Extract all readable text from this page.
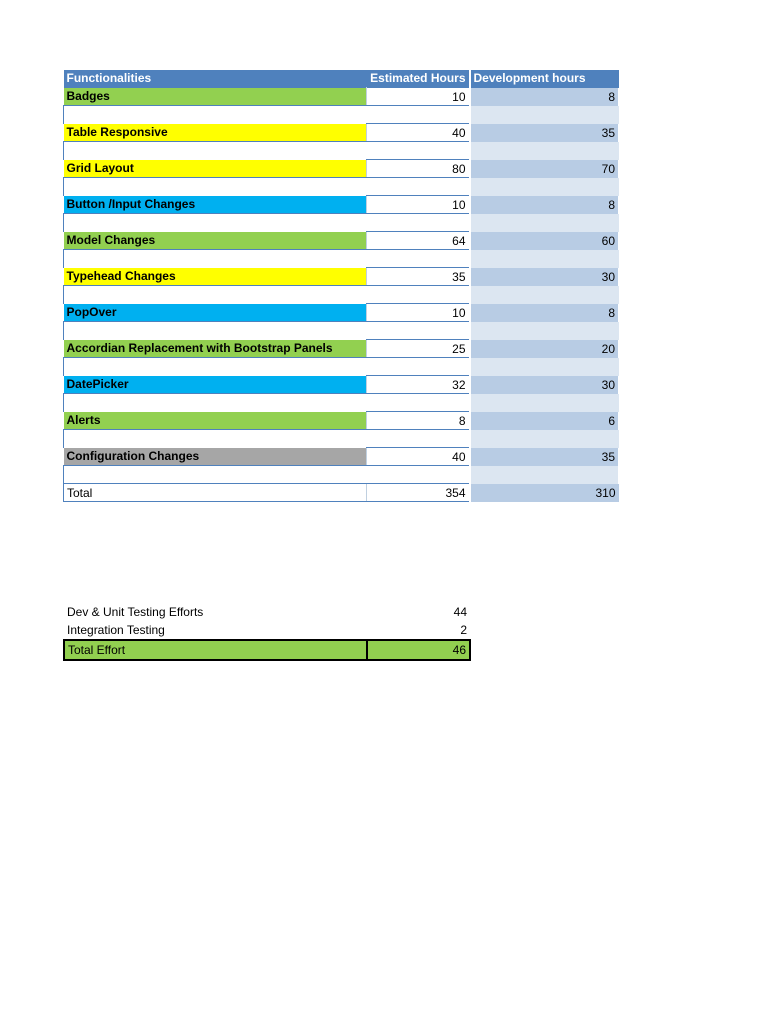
Functionalities	Estimated Hours	Development hours
Badges	10	8

Table Responsive	40	35

Grid Layout	80	70

Button /Input Changes	10	8

Model Changes	64	60

Typehead Changes	35	30

PopOver	10	8

Accordian Replacement with Bootstrap Panels	25	20

DatePicker	32	30

Alerts	8	6

Configuration Changes	40	35

Total	354	310
Dev & Unit Testing Efforts	44
Integration Testing	2
Total Effort	46
